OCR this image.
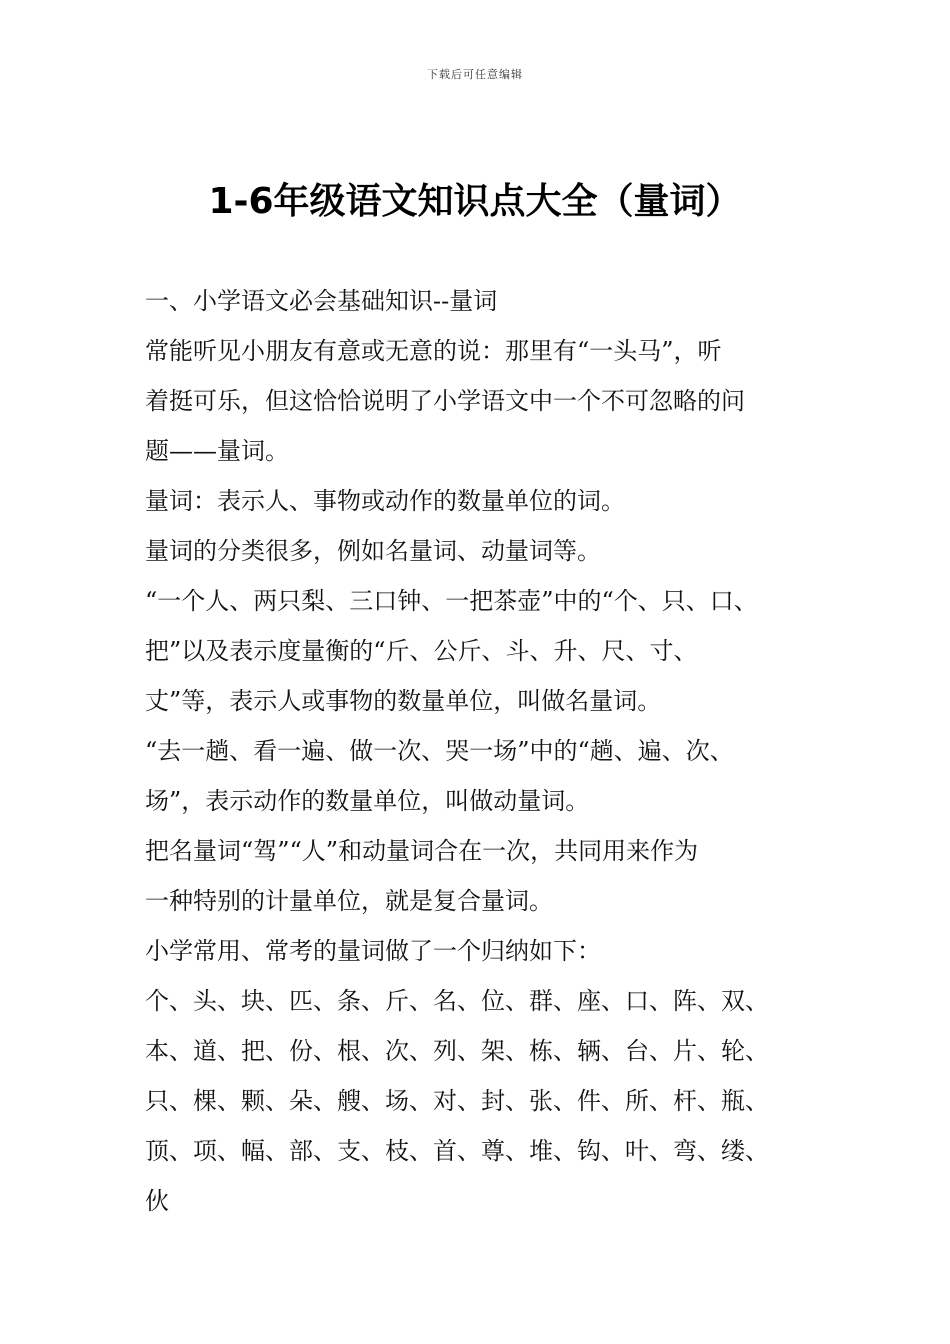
下载后可任意编辑
1-6年级语文知识点大全（量词）
一、小学语文必会基础知识--量词
常能听见小朋友有意或无意的说：那里有“一头马”，听
着挺可乐，但这恰恰说明了小学语文中一个不可忽略的问
题——量词。
量词：表示人、事物或动作的数量单位的词。
量词的分类很多，例如名量词、动量词等。
“一个人、两只梨、三口钟、一把茶壶”中的“个、只、口、
把”以及表示度量衡的“斤、公斤、斗、升、尺、寸、
丈”等，表示人或事物的数量单位，叫做名量词。
“去一趟、看一遍、做一次、哭一场”中的“趟、遍、次、
场”，表示动作的数量单位，叫做动量词。
把名量词“驾”“人”和动量词合在一次，共同用来作为
一种特别的计量单位，就是复合量词。
小学常用、常考的量词做了一个归纳如下：
个、头、块、匹、条、斤、名、位、群、座、口、阵、双、
本、道、把、份、根、次、列、架、栋、辆、台、片、轮、
只、棵、颗、朵、艘、场、对、封、张、件、所、杆、瓶、
顶、项、幅、部、支、枝、首、尊、堆、钩、叶、弯、缕、
伙
